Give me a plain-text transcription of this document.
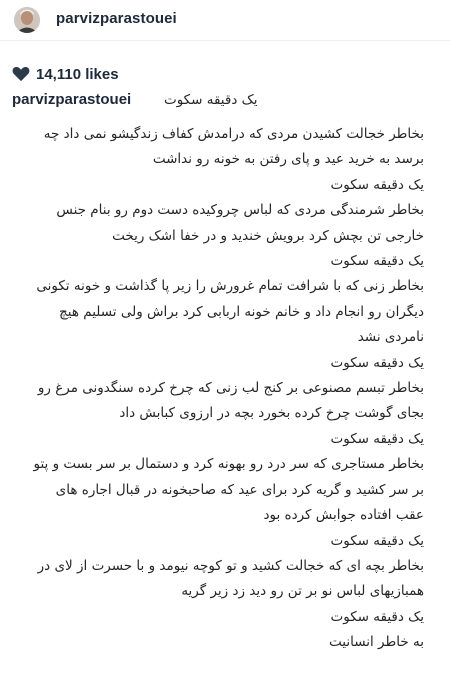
parvizparastouei
14,110 likes
parvizparastouei یک دقیقه سکوت
بخاطر خجالت کشیدن مردی که درامدش کفاف زندگیشو نمی داد چه
برسد به خرید عید و پای رفتن به خونه رو نداشت
یک دقیقه سکوت
بخاطر شرمندگی مردی که لباس چروکیده دست دوم رو بنام جنس
خارجی تن بچش کرد برویش خندید و در خفا اشک ریخت
یک دقیقه سکوت
بخاطر زنی که با شرافت تمام غرورش را زیر پا گذاشت و خونه تکونی
دیگران رو انجام داد و خانم خونه اربابی کرد براش ولی تسلیم هیچ
نامردی نشد
یک دقیقه سکوت
بخاطر تبسم مصنوعی بر کنج لب زنی که چرخ کرده سنگدونی مرغ رو
بجای گوشت چرخ کرده بخورد بچه در ارزوی کبابش داد
یک دقیقه سکوت
بخاطر مستاجری که سر درد رو بهونه کرد و دستمال بر سر بست و پتو
بر سر کشید و گریه کرد برای عید که صاحبخونه در قبال اجاره های
عقب افتاده جوابش کرده بود
یک دقیقه سکوت
بخاطر بچه ای که خجالت کشید و تو کوچه نیومد و با حسرت از لای در
همبازیهای لباس نو بر تن رو دید زد زیر گریه
یک دقیقه سکوت
به خاطر انسانیت
